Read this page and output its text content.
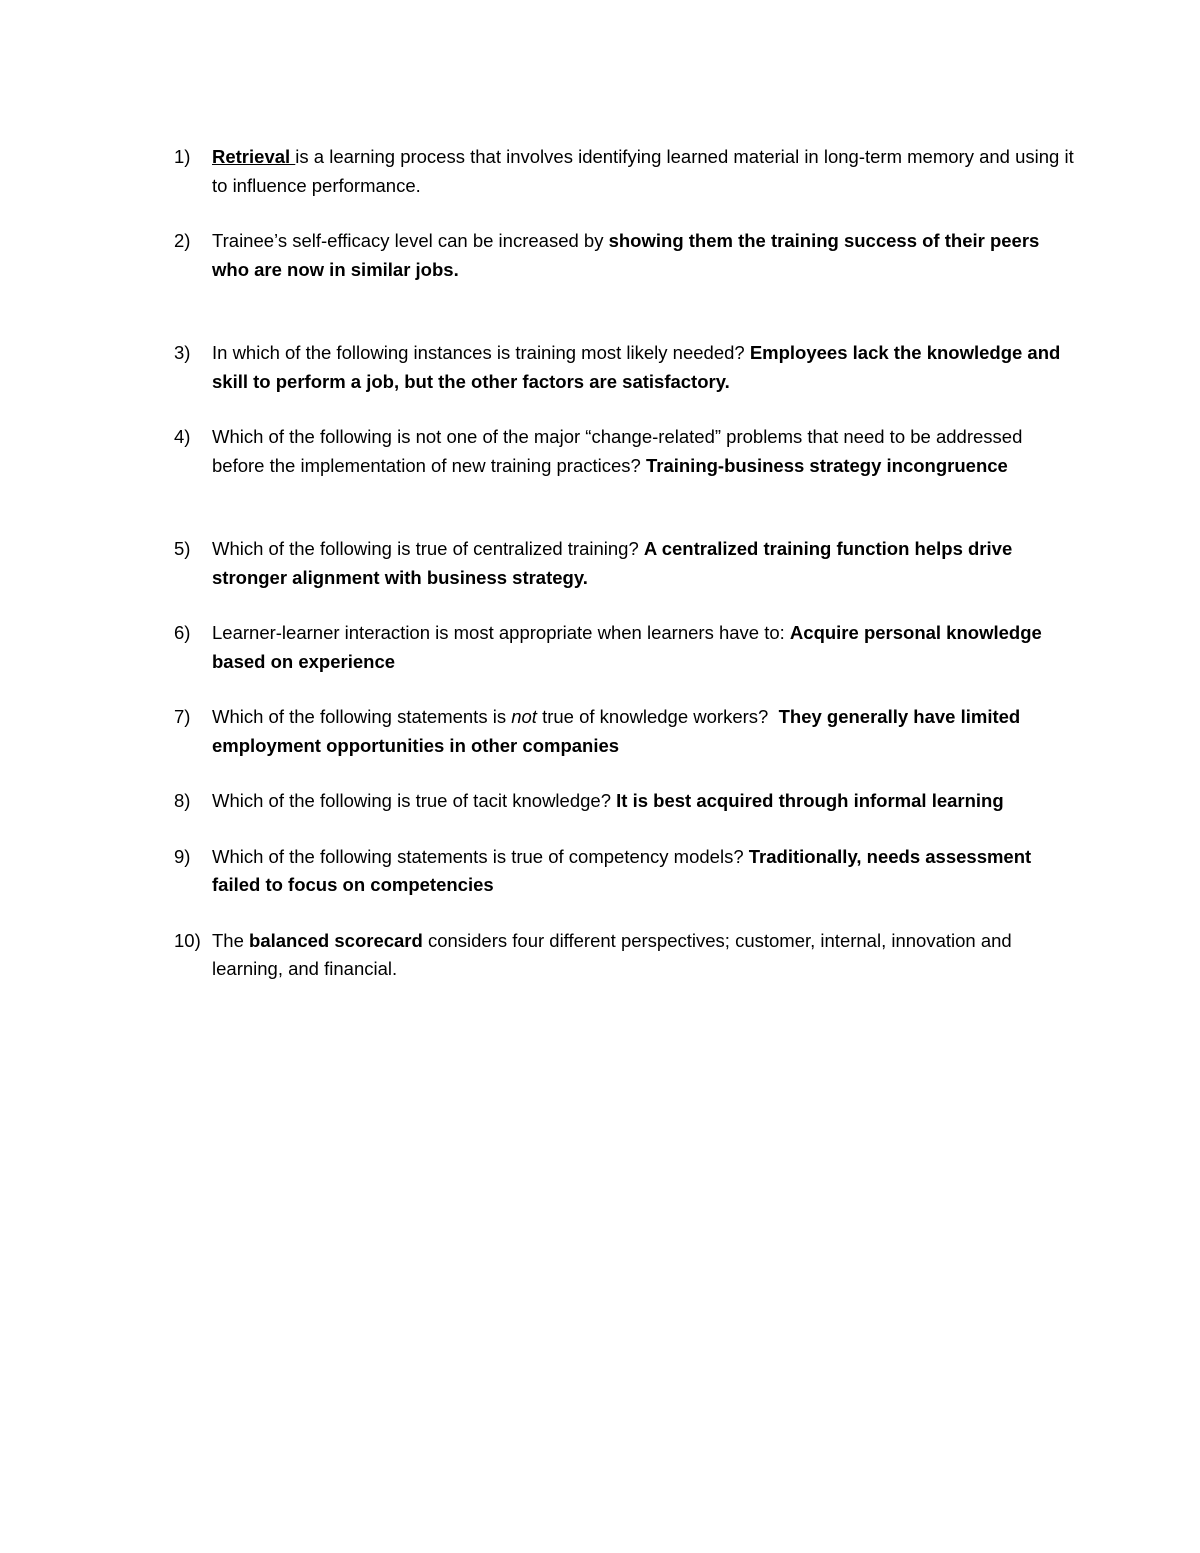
1) Retrieval is a learning process that involves identifying learned material in long-term memory and using it to influence performance.
2) Trainee’s self-efficacy level can be increased by showing them the training success of their peers who are now in similar jobs.
3) In which of the following instances is training most likely needed? Employees lack the knowledge and skill to perform a job, but the other factors are satisfactory.
4) Which of the following is not one of the major “change-related” problems that need to be addressed before the implementation of new training practices? Training-business strategy incongruence
5) Which of the following is true of centralized training? A centralized training function helps drive stronger alignment with business strategy.
6) Learner-learner interaction is most appropriate when learners have to: Acquire personal knowledge based on experience
7) Which of the following statements is not true of knowledge workers?  They generally have limited employment opportunities in other companies
8) Which of the following is true of tacit knowledge? It is best acquired through informal learning
9) Which of the following statements is true of competency models? Traditionally, needs assessment failed to focus on competencies
10) The balanced scorecard considers four different perspectives; customer, internal, innovation and learning, and financial.
